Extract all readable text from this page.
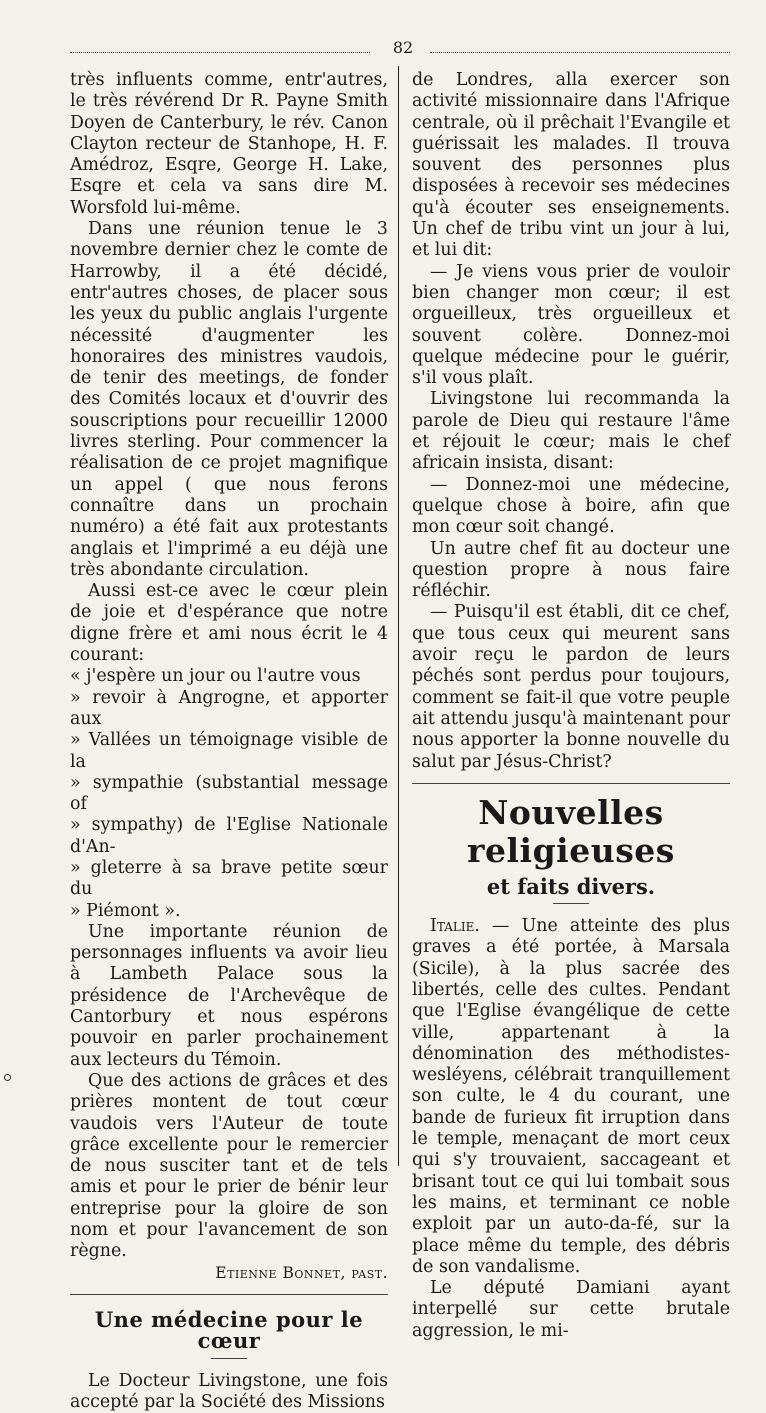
82

très influents comme, entr'autres, le très révérend Dr R. Payne Smith Doyen de Canterbury, le rév. Canon Clayton recteur de Stanhope, H. F. Amédroz, Esqre, George H. Lake, Esqre et cela va sans dire M. Worsfold lui-même.

Dans une réunion tenue le 3 novembre dernier chez le comte de Harrowby, il a été décidé, entr'autres choses, de placer sous les yeux du public anglais l'urgente nécessité d'augmenter les honoraires des ministres vaudois, de tenir des meetings, de fonder des Comités locaux et d'ouvrir des souscriptions pour recueillir 12000 livres sterling. Pour commencer la réalisation de ce projet magnifique un appel ( que nous ferons connaître dans un prochain numéro) a été fait aux protestants anglais et l'imprimé a eu déjà une très abondante circulation.

Aussi est-ce avec le cœur plein de joie et d'espérance que notre digne frère et ami nous écrit le 4 courant:

« j'espère un jour ou l'autre vous
» revoir à Angrogne, et apporter aux
» Vallées un témoignage visible de la
» sympathie (substantial message of
» sympathy) de l'Eglise Nationale d'An-
» gleterre à sa brave petite sœur du
» Piémont ».

Une importante réunion de personnages influents va avoir lieu à Lambeth Palace sous la présidence de l'Archevêque de Cantorbury et nous espérons pouvoir en parler prochainement aux lecteurs du Témoin.

Que des actions de grâces et des prières montent de tout cœur vaudois vers l'Auteur de toute grâce excellente pour le remercier de nous susciter tant et de tels amis et pour le prier de bénir leur entreprise pour la gloire de son nom et pour l'avancement de son règne.

Etienne Bonnet, past.

Une médecine pour le cœur

Le Docteur Livingstone, une fois accepté par la Société des Missions

de Londres, alla exercer son activité missionnaire dans l'Afrique centrale, où il prêchait l'Evangile et guérissait les malades. Il trouva souvent des personnes plus disposées à recevoir ses médecines qu'à écouter ses enseignements. Un chef de tribu vint un jour à lui, et lui dit:

— Je viens vous prier de vouloir bien changer mon cœur; il est orgueilleux, très orgueilleux et souvent colère. Donnez-moi quelque médecine pour le guérir, s'il vous plaît.

Livingstone lui recommanda la parole de Dieu qui restaure l'âme et réjouit le cœur; mais le chef africain insista, disant:

— Donnez-moi une médecine, quelque chose à boire, afin que mon cœur soit changé.

Un autre chef fit au docteur une question propre à nous faire réfléchir.

— Puisqu'il est établi, dit ce chef, que tous ceux qui meurent sans avoir reçu le pardon de leurs péchés sont perdus pour toujours, comment se fait-il que votre peuple ait attendu jusqu'à maintenant pour nous apporter la bonne nouvelle du salut par Jésus-Christ?

Nouvelles religieuses
et faits divers.

Italie. — Une atteinte des plus graves a été portée, à Marsala (Sicile), à la plus sacrée des libertés, celle des cultes. Pendant que l'Eglise évangélique de cette ville, appartenant à la dénomination des méthodistes-wesléyens, célébrait tranquillement son culte, le 4 du courant, une bande de furieux fit irruption dans le temple, menaçant de mort ceux qui s'y trouvaient, saccageant et brisant tout ce qui lui tombait sous les mains, et terminant ce noble exploit par un auto-da-fé, sur la place même du temple, des débris de son vandalisme.

Le député Damiani ayant interpellé sur cette brutale aggression, le mi-
